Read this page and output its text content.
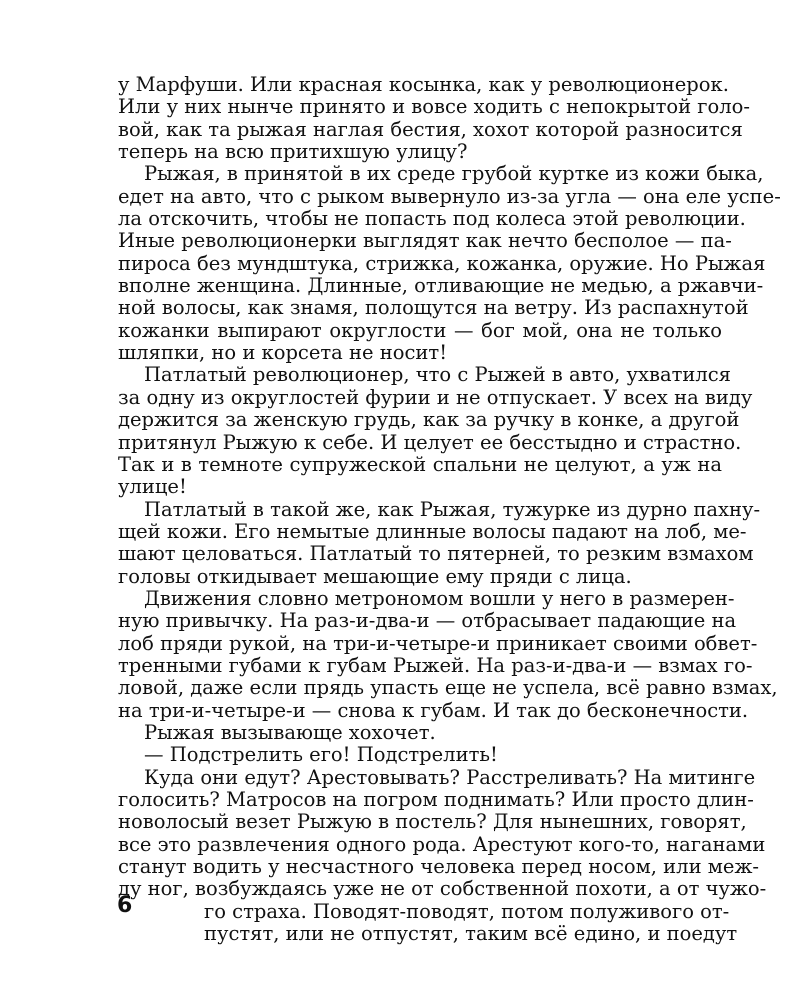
у Марфуши. Или красная косынка, как у революционерок.
Или у них нынче принято и вовсе ходить с непокрытой голо-
вой, как та рыжая наглая бестия, хохот которой разносится
теперь на всю притихшую улицу?
Рыжая, в принятой в их среде грубой куртке из кожи быка,
едет на авто, что с рыком вывернуло из-за угла — она еле успе-
ла отскочить, чтобы не попасть под колеса этой революции.
Иные революционерки выглядят как нечто бесполое — па-
пироса без мундштука, стрижка, кожанка, оружие. Но Рыжая
вполне женщина. Длинные, отливающие не медью, а ржавчи-
ной волосы, как знамя, полощутся на ветру. Из распахнутой
кожанки выпирают округлости — бог мой, она не только
шляпки, но и корсета не носит!
Патлатый революционер, что с Рыжей в авто, ухватился
за одну из округлостей фурии и не отпускает. У всех на виду
держится за женскую грудь, как за ручку в конке, а другой
притянул Рыжую к себе. И целует ее бесстыдно и страстно.
Так и в темноте супружеской спальни не целуют, а уж на
улице!
Патлатый в такой же, как Рыжая, тужурке из дурно пахну-
щей кожи. Его немытые длинные волосы падают на лоб, ме-
шают целоваться. Патлатый то пятерней, то резким взмахом
головы откидывает мешающие ему пряди с лица.
Движения словно метрономом вошли у него в размерен-
ную привычку. На раз-и-два-и — отбрасывает падающие на
лоб пряди рукой, на три-и-четыре-и приникает своими обвет-
тренными губами к губам Рыжей. На раз-и-два-и — взмах го-
ловой, даже если прядь упасть еще не успела, всё равно взмах,
на три-и-четыре-и — снова к губам. И так до бесконечности.
Рыжая вызывающе хохочет.
— Подстрелить его! Подстрелить!
Куда они едут? Арестовывать? Расстреливать? На митинге
голосить? Матросов на погром поднимать? Или просто длин-
новолосый везет Рыжую в постель? Для нынешних, говорят,
все это развлечения одного рода. Арестуют кого-то, наганами
станут водить у несчастного человека перед носом, или меж-
ду ног, возбуждаясь уже не от собственной похоти, а от чужо-
го страха. Поводят-поводят, потом полуживого от-
пустят, или не отпустят, таким всё едино, и поедут
6
